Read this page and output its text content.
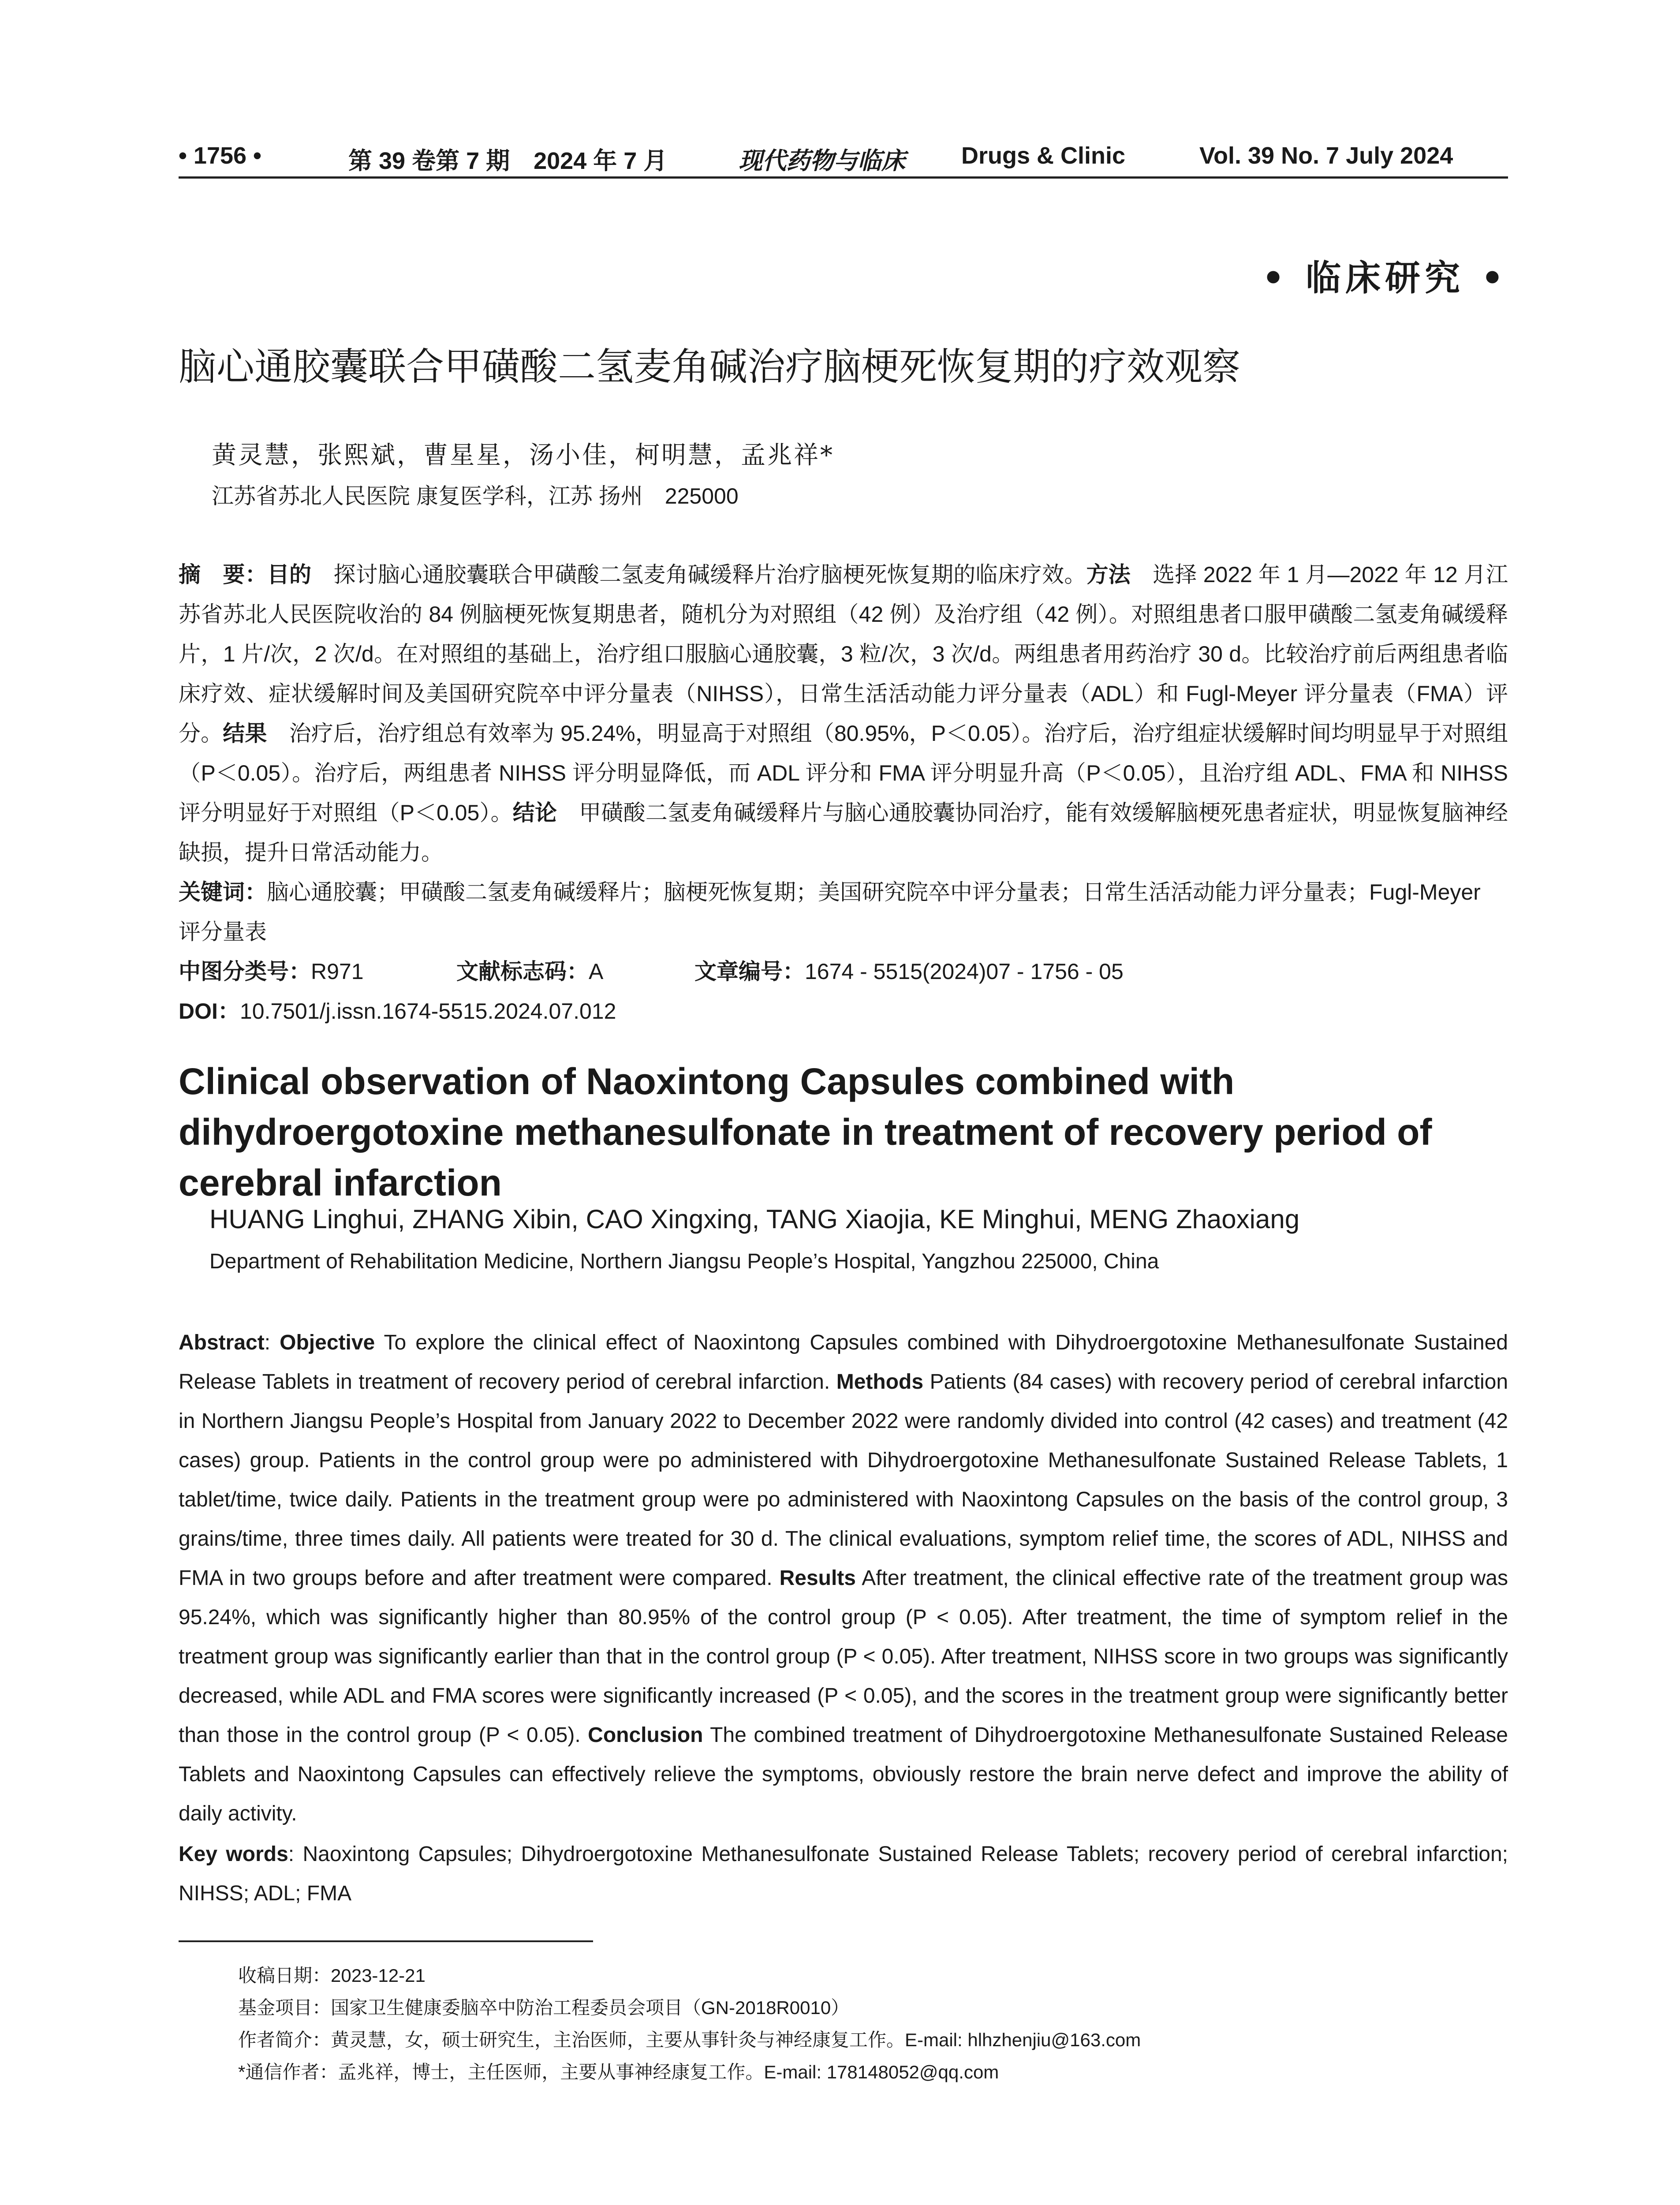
• 1756 •	第 39 卷第 7 期　2024 年 7 月	现代药物与临床 Drugs & Clinic	Vol. 39 No. 7 July 2024
• 临床研究 •
脑心通胶囊联合甲磺酸二氢麦角碱治疗脑梗死恢复期的疗效观察
黄灵慧，张熙斌，曹星星，汤小佳，柯明慧，孟兆祥*
江苏省苏北人民医院 康复医学科，江苏 扬州　225000
摘　要：目的　探讨脑心通胶囊联合甲磺酸二氢麦角碱缓释片治疗脑梗死恢复期的临床疗效。方法　选择 2022 年 1 月—2022 年 12 月江苏省苏北人民医院收治的 84 例脑梗死恢复期患者，随机分为对照组（42 例）及治疗组（42 例）。对照组患者口服甲磺酸二氢麦角碱缓释片，1 片/次，2 次/d。在对照组的基础上，治疗组口服脑心通胶囊，3 粒/次，3 次/d。两组患者用药治疗 30 d。比较治疗前后两组患者临床疗效、症状缓解时间及美国研究院卒中评分量表（NIHSS），日常生活活动能力评分量表（ADL）和 Fugl-Meyer 评分量表（FMA）评分。结果　治疗后，治疗组总有效率为 95.24%，明显高于对照组（80.95%，P＜0.05）。治疗后，治疗组症状缓解时间均明显早于对照组（P＜0.05）。治疗后，两组患者 NIHSS 评分明显降低，而 ADL 评分和 FMA 评分明显升高（P＜0.05），且治疗组 ADL、FMA 和 NIHSS 评分明显好于对照组（P＜0.05）。结论　甲磺酸二氢麦角碱缓释片与脑心通胶囊协同治疗，能有效缓解脑梗死患者症状，明显恢复脑神经缺损，提升日常活动能力。
关键词：脑心通胶囊；甲磺酸二氢麦角碱缓释片；脑梗死恢复期；美国研究院卒中评分量表；日常生活活动能力评分量表；Fugl-Meyer 评分量表
中图分类号：R971	文献标志码：A	文章编号：1674 - 5515(2024)07 - 1756 - 05
DOI：10.7501/j.issn.1674-5515.2024.07.012
Clinical observation of Naoxintong Capsules combined with dihydroergotoxine methanesulfonate in treatment of recovery period of cerebral infarction
HUANG Linghui, ZHANG Xibin, CAO Xingxing, TANG Xiaojia, KE Minghui, MENG Zhaoxiang
Department of Rehabilitation Medicine, Northern Jiangsu People’s Hospital, Yangzhou 225000, China
Abstract: Objective To explore the clinical effect of Naoxintong Capsules combined with Dihydroergotoxine Methanesulfonate Sustained Release Tablets in treatment of recovery period of cerebral infarction. Methods Patients (84 cases) with recovery period of cerebral infarction in Northern Jiangsu People’s Hospital from January 2022 to December 2022 were randomly divided into control (42 cases) and treatment (42 cases) group. Patients in the control group were po administered with Dihydroergotoxine Methanesulfonate Sustained Release Tablets, 1 tablet/time, twice daily. Patients in the treatment group were po administered with Naoxintong Capsules on the basis of the control group, 3 grains/time, three times daily. All patients were treated for 30 d. The clinical evaluations, symptom relief time, the scores of ADL, NIHSS and FMA in two groups before and after treatment were compared. Results After treatment, the clinical effective rate of the treatment group was 95.24%, which was significantly higher than 80.95% of the control group (P < 0.05). After treatment, the time of symptom relief in the treatment group was significantly earlier than that in the control group (P < 0.05). After treatment, NIHSS score in two groups was significantly decreased, while ADL and FMA scores were significantly increased (P < 0.05), and the scores in the treatment group were significantly better than those in the control group (P < 0.05). Conclusion The combined treatment of Dihydroergotoxine Methanesulfonate Sustained Release Tablets and Naoxintong Capsules can effectively relieve the symptoms, obviously restore the brain nerve defect and improve the ability of daily activity.
Key words: Naoxintong Capsules; Dihydroergotoxine Methanesulfonate Sustained Release Tablets; recovery period of cerebral infarction; NIHSS; ADL; FMA
收稿日期：2023-12-21
基金项目：国家卫生健康委脑卒中防治工程委员会项目（GN-2018R0010）
作者简介：黄灵慧，女，硕士研究生，主治医师，主要从事针灸与神经康复工作。E-mail: hlhzhenjiu@163.com
*通信作者：孟兆祥，博士，主任医师，主要从事神经康复工作。E-mail: 178148052@qq.com
